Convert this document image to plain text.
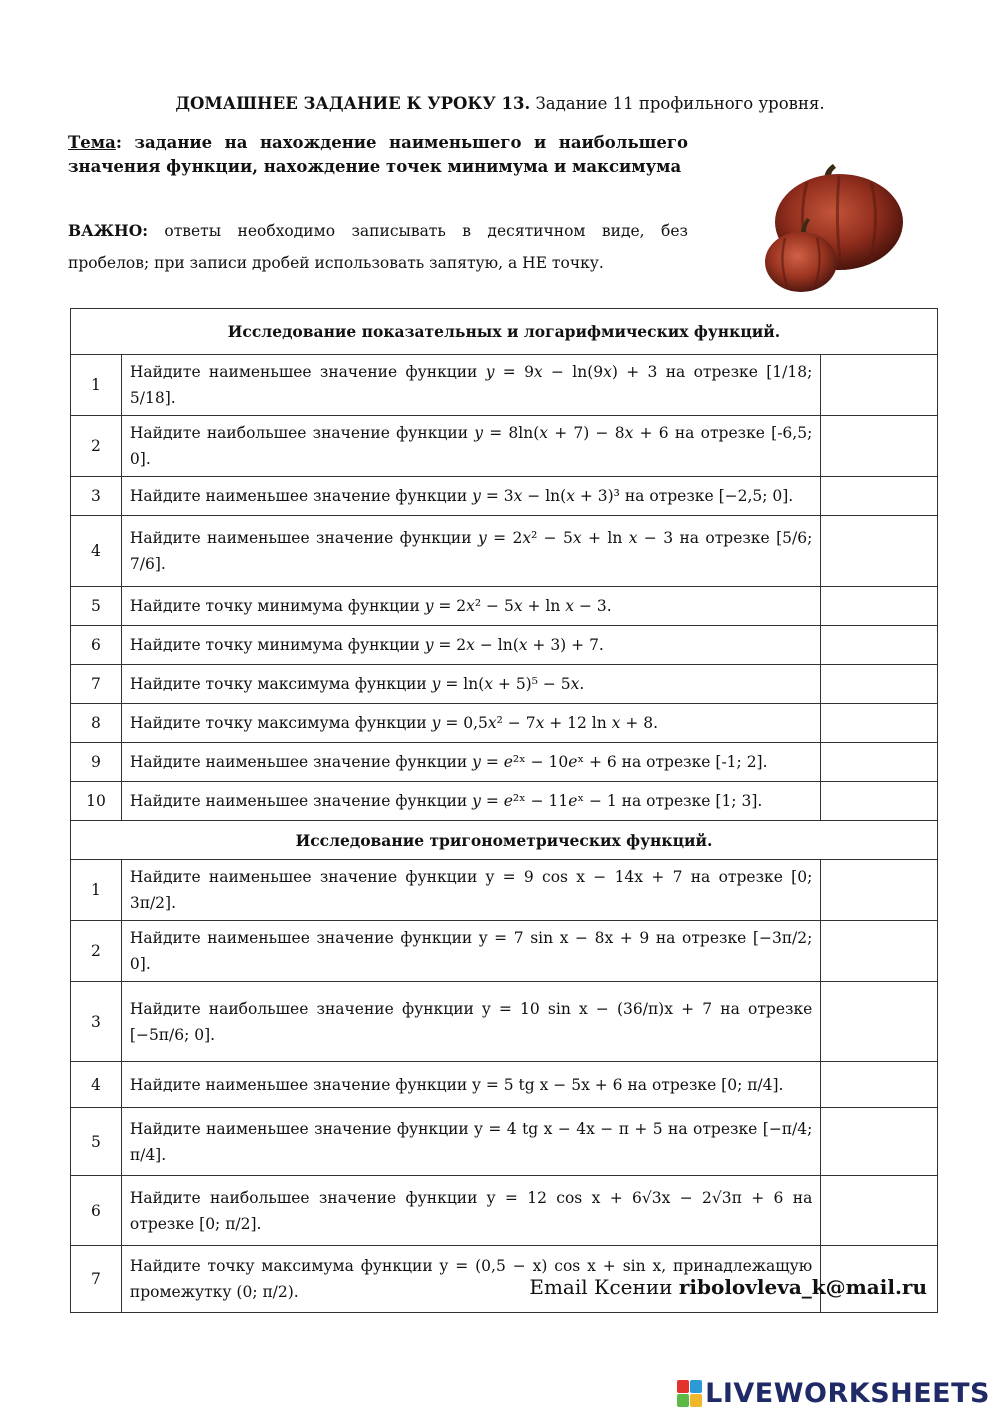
ДОМАШНЕЕ ЗАДАНИЕ К УРОКУ 13. Задание 11 профильного уровня.
Тема: задание на нахождение наименьшего и наибольшего значения функции, нахождение точек минимума и максимума
ВАЖНО: ответы необходимо записывать в десятичном виде, без пробелов; при записи дробей использовать запятую, а НЕ точку.
Исследование показательных и логарифмических функций.		
1	Найдите наименьшее значение функции 𝑦 = 9𝑥 − ln(9𝑥) + 3 на отрезке [1/18; 5/18].	
2	Найдите наибольшее значение функции 𝑦 = 8ln(𝑥 + 7) − 8𝑥 + 6 на отрезке [-6,5; 0].	
3	Найдите наименьшее значение функции 𝑦 = 3𝑥 − ln(𝑥 + 3)³ на отрезке [−2,5; 0].	
4	Найдите наименьшее значение функции 𝑦 = 2𝑥² − 5𝑥 + ln 𝑥 − 3 на отрезке [5/6; 7/6].	
5	Найдите точку минимума функции 𝑦 = 2𝑥² − 5𝑥 + ln 𝑥 − 3.	
6	Найдите точку минимума функции 𝑦 = 2𝑥 − ln(𝑥 + 3) + 7.	
7	Найдите точку максимума функции 𝑦 = ln(𝑥 + 5)⁵ − 5𝑥.	
8	Найдите точку максимума функции 𝑦 = 0,5𝑥² − 7𝑥 + 12 ln 𝑥 + 8.	
9	Найдите наименьшее значение функции 𝑦 = 𝑒²ˣ − 10𝑒ˣ + 6 на отрезке [-1; 2].	
10	Найдите наименьшее значение функции 𝑦 = 𝑒²ˣ − 11𝑒ˣ − 1 на отрезке [1; 3].	
Исследование тригонометрических функций.		
1	Найдите наименьшее значение функции y = 9 cos x − 14x + 7 на отрезке [0; 3π/2].	
2	Найдите наименьшее значение функции y = 7 sin x − 8x + 9 на отрезке [−3π/2; 0].	
3	Найдите наибольшее значение функции y = 10 sin x − (36/π)x + 7 на отрезке [−5π/6; 0].	
4	Найдите наименьшее значение функции y = 5 tg x − 5x + 6 на отрезке [0; π/4].	
5	Найдите наименьшее значение функции y = 4 tg x − 4x − π + 5 на отрезке [−π/4; π/4].	
6	Найдите наибольшее значение функции y = 12 cos x + 6√3x − 2√3π + 6 на отрезке [0; π/2].	
7	Найдите точку максимума функции y = (0,5 − x) cos x + sin x, принадлежащую промежутку (0; π/2).		Email Ксении ribolovleva_k@mail.ru
LIVEWORKSHEETS
